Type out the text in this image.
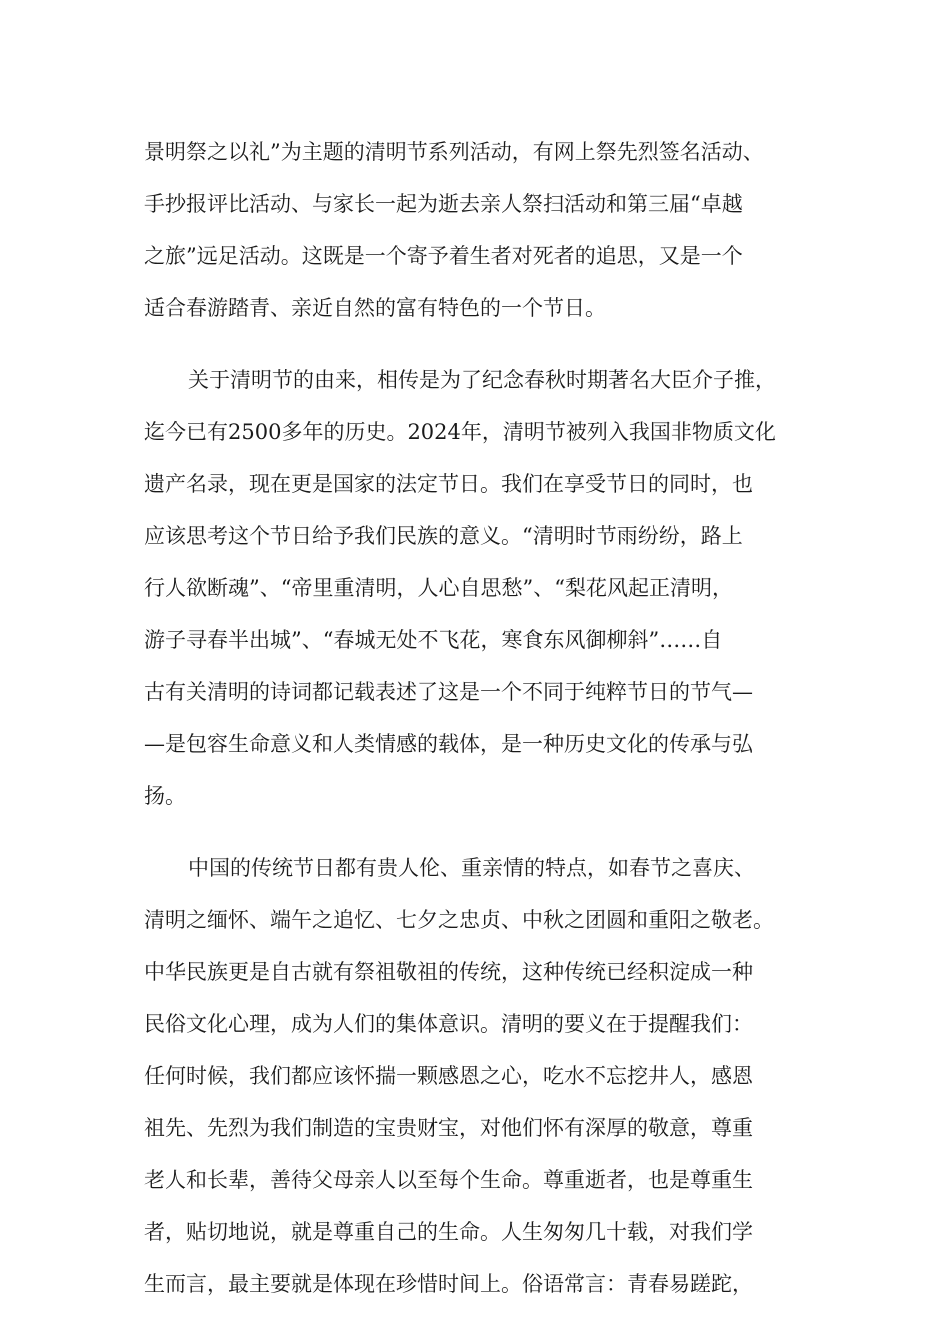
景明祭之以礼”为主题的清明节系列活动，有网上祭先烈签名活动、
手抄报评比活动、与家长一起为逝去亲人祭扫活动和第三届“卓越
之旅”远足活动。这既是一个寄予着生者对死者的追思，又是一个
适合春游踏青、亲近自然的富有特色的一个节日。
关于清明节的由来，相传是为了纪念春秋时期著名大臣介子推，
迄今已有2500多年的历史。2024年，清明节被列入我国非物质文化
遗产名录，现在更是国家的法定节日。我们在享受节日的同时，也
应该思考这个节日给予我们民族的意义。“清明时节雨纷纷，路上
行人欲断魂”、“帝里重清明，人心自思愁”、“梨花风起正清明，
游子寻春半出城”、“春城无处不飞花，寒食东风御柳斜”……自
古有关清明的诗词都记载表述了这是一个不同于纯粹节日的节气—
—是包容生命意义和人类情感的载体，是一种历史文化的传承与弘
扬。
中国的传统节日都有贵人伦、重亲情的特点，如春节之喜庆、
清明之缅怀、端午之追忆、七夕之忠贞、中秋之团圆和重阳之敬老。
中华民族更是自古就有祭祖敬祖的传统，这种传统已经积淀成一种
民俗文化心理，成为人们的集体意识。清明的要义在于提醒我们：
任何时候，我们都应该怀揣一颗感恩之心，吃水不忘挖井人，感恩
祖先、先烈为我们制造的宝贵财宝，对他们怀有深厚的敬意，尊重
老人和长辈，善待父母亲人以至每个生命。尊重逝者，也是尊重生
者，贴切地说，就是尊重自己的生命。人生匆匆几十载，对我们学
生而言，最主要就是体现在珍惜时间上。俗语常言：青春易蹉跎，
